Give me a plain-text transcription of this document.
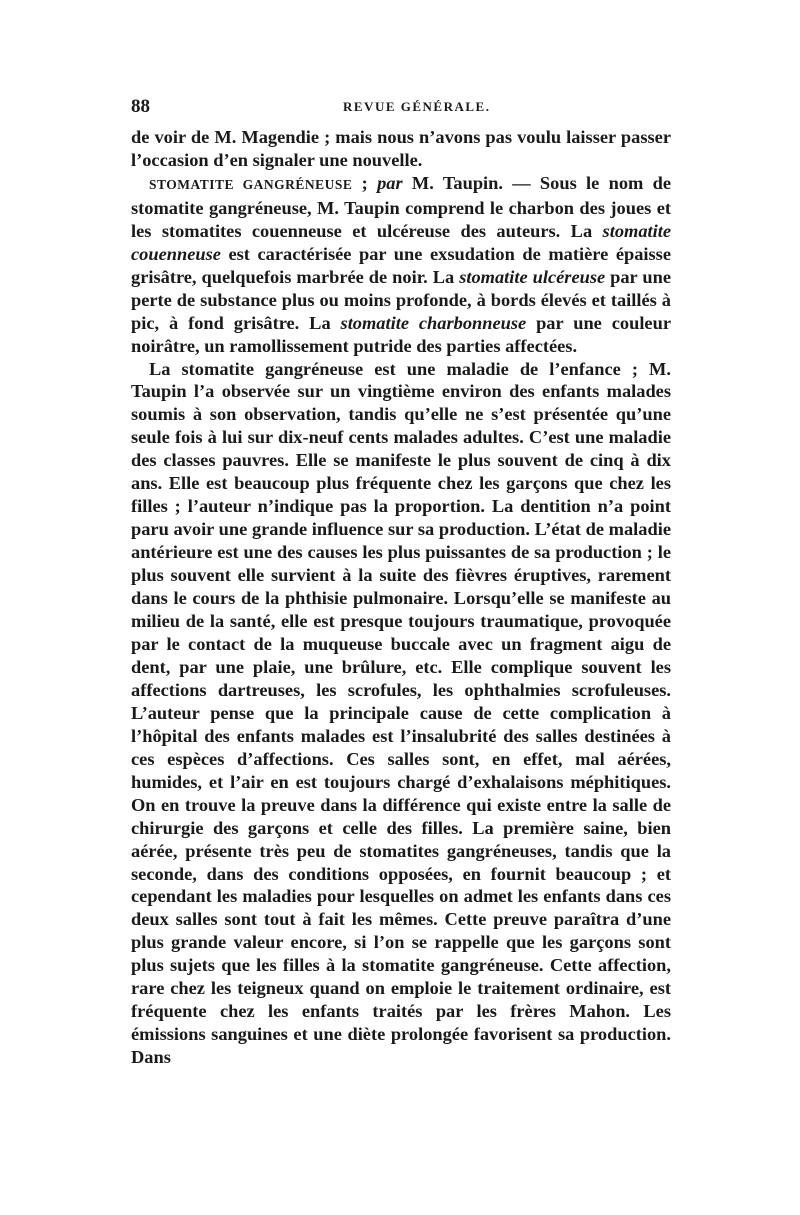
88	REVUE GÉNÉRALE.

de voir de M. Magendie ; mais nous n’avons pas voulu laisser passer l’occasion d’en signaler une nouvelle.

STOMATITE GANGRÉNEUSE ; par M. Taupin. — Sous le nom de stomatite gangréneuse, M. Taupin comprend le charbon des joues et les stomatites couenneuse et ulcéreuse des auteurs. La stomatite couenneuse est caractérisée par une exsudation de matière épaisse grisâtre, quelquefois marbrée de noir. La stomatite ulcéreuse par une perte de substance plus ou moins profonde, à bords élevés et taillés à pic, à fond grisâtre. La stomatite charbonneuse par une couleur noirâtre, un ramollissement putride des parties affectées.

La stomatite gangréneuse est une maladie de l’enfance ; M. Taupin l’a observée sur un vingtième environ des enfants malades soumis à son observation, tandis qu’elle ne s’est présentée qu’une seule fois à lui sur dix-neuf cents malades adultes. C’est une maladie des classes pauvres. Elle se manifeste le plus souvent de cinq à dix ans. Elle est beaucoup plus fréquente chez les garçons que chez les filles ; l’auteur n’indique pas la proportion. La dentition n’a point paru avoir une grande influence sur sa production. L’état de maladie antérieure est une des causes les plus puissantes de sa production ; le plus souvent elle survient à la suite des fièvres éruptives, rarement dans le cours de la phthisie pulmonaire. Lorsqu’elle se manifeste au milieu de la santé, elle est presque toujours traumatique, provoquée par le contact de la muqueuse buccale avec un fragment aigu de dent, par une plaie, une brûlure, etc. Elle complique souvent les affections dartreuses, les scrofules, les ophthalmies scrofuleuses. L’auteur pense que la principale cause de cette complication à l’hôpital des enfants malades est l’insalubrité des salles destinées à ces espèces d’affections. Ces salles sont, en effet, mal aérées, humides, et l’air en est toujours chargé d’exhalaisons méphitiques. On en trouve la preuve dans la différence qui existe entre la salle de chirurgie des garçons et celle des filles. La première saine, bien aérée, présente très peu de stomatites gangréneuses, tandis que la seconde, dans des conditions opposées, en fournit beaucoup ; et cependant les maladies pour lesquelles on admet les enfants dans ces deux salles sont tout à fait les mêmes. Cette preuve paraîtra d’une plus grande valeur encore, si l’on se rappelle que les garçons sont plus sujets que les filles à la stomatite gangréneuse. Cette affection, rare chez les teigneux quand on emploie le traitement ordinaire, est fréquente chez les enfants traités par les frères Mahon. Les émissions sanguines et une diète prolongée favorisent sa production. Dans
